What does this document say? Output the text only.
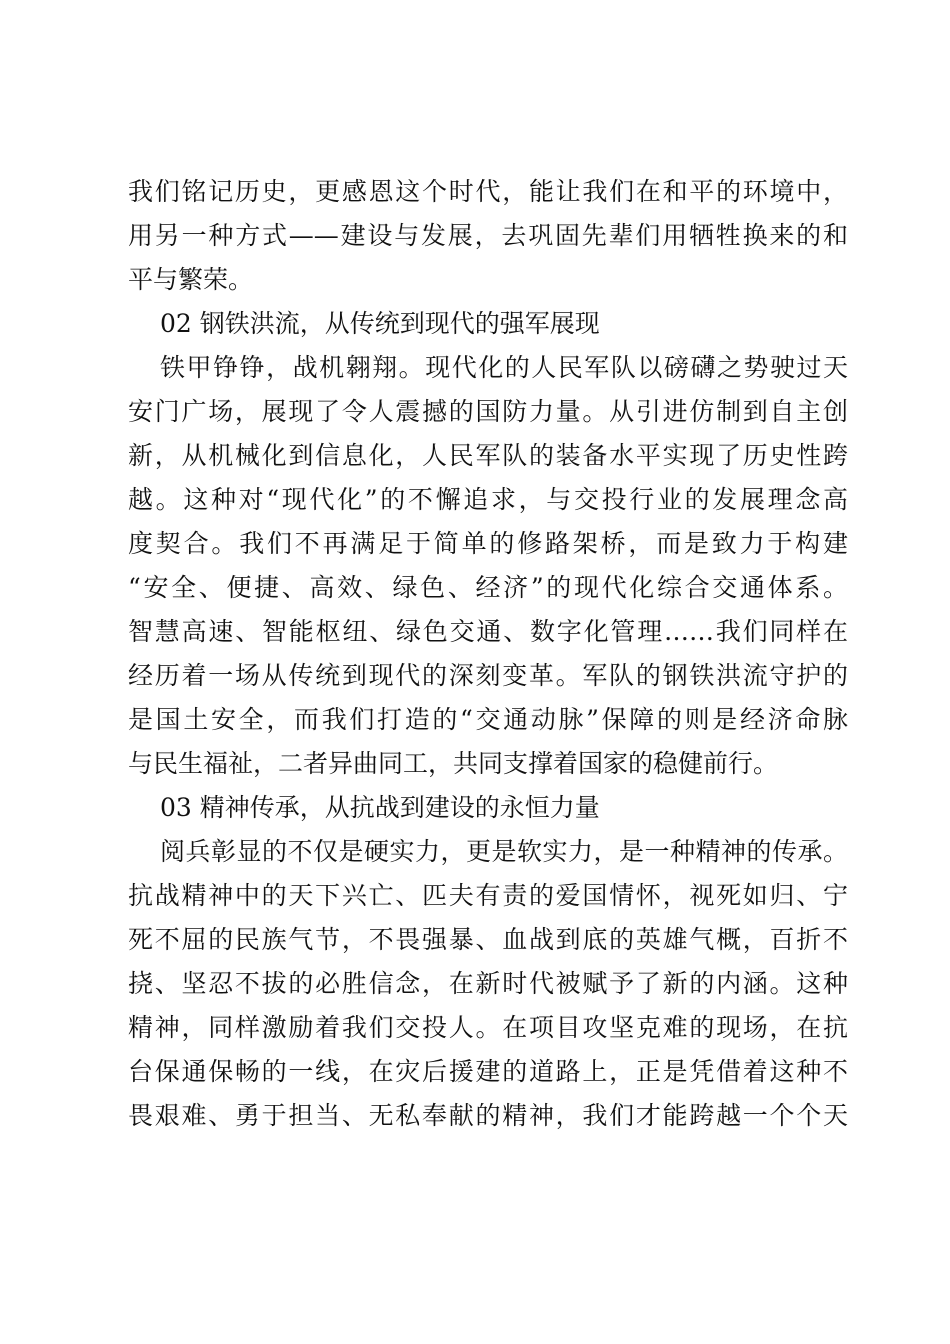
我们铭记历史，更感恩这个时代，能让我们在和平的环境中，
用另一种方式——建设与发展，去巩固先辈们用牺牲换来的和
平与繁荣。
02 钢铁洪流，从传统到现代的强军展现
铁甲铮铮，战机翱翔。现代化的人民军队以磅礴之势驶过天
安门广场，展现了令人震撼的国防力量。从引进仿制到自主创
新，从机械化到信息化，人民军队的装备水平实现了历史性跨
越。这种对“现代化”的不懈追求，与交投行业的发展理念高
度契合。我们不再满足于简单的修路架桥，而是致力于构建
“安全、便捷、高效、绿色、经济”的现代化综合交通体系。
智慧高速、智能枢纽、绿色交通、数字化管理……我们同样在
经历着一场从传统到现代的深刻变革。军队的钢铁洪流守护的
是国土安全，而我们打造的“交通动脉”保障的则是经济命脉
与民生福祉，二者异曲同工，共同支撑着国家的稳健前行。
03 精神传承，从抗战到建设的永恒力量
阅兵彰显的不仅是硬实力，更是软实力，是一种精神的传承。
抗战精神中的天下兴亡、匹夫有责的爱国情怀，视死如归、宁
死不屈的民族气节，不畏强暴、血战到底的英雄气概，百折不
挠、坚忍不拔的必胜信念，在新时代被赋予了新的内涵。这种
精神，同样激励着我们交投人。在项目攻坚克难的现场，在抗
台保通保畅的一线，在灾后援建的道路上，正是凭借着这种不
畏艰难、勇于担当、无私奉献的精神，我们才能跨越一个个天
